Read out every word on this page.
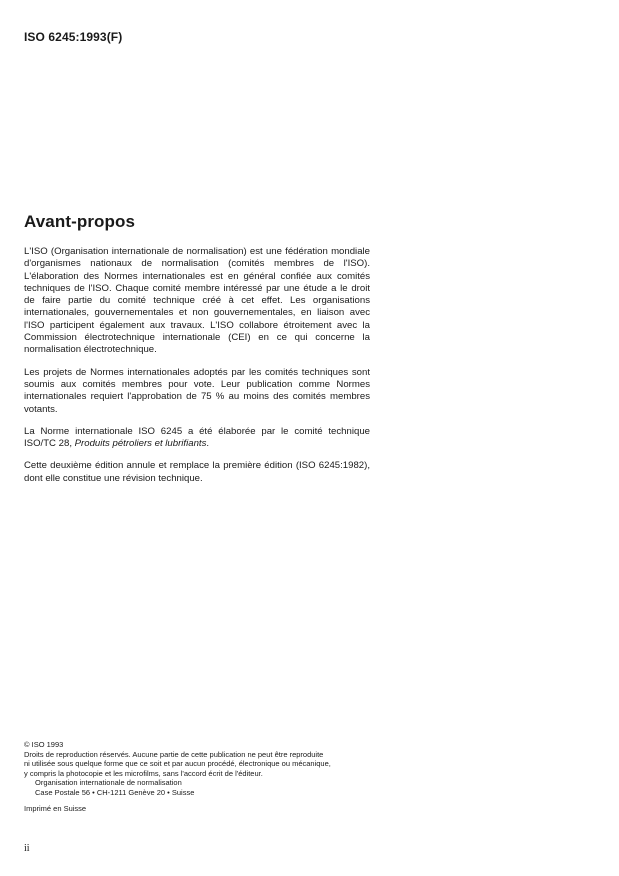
ISO 6245:1993(F)
Avant-propos

L'ISO (Organisation internationale de normalisation) est une fédération mondiale d'organismes nationaux de normalisation (comités membres de l'ISO). L'élaboration des Normes internationales est en général confiée aux comités techniques de l'ISO. Chaque comité membre intéressé par une étude a le droit de faire partie du comité technique créé à cet effet. Les organisations internationales, gouvernementales et non gouvernementales, en liaison avec l'ISO participent également aux travaux. L'ISO collabore étroitement avec la Commission électrotechnique internationale (CEI) en ce qui concerne la normalisation électrotechnique.

Les projets de Normes internationales adoptés par les comités techniques sont soumis aux comités membres pour vote. Leur publication comme Normes internationales requiert l'approbation de 75 % au moins des comités membres votants.

La Norme internationale ISO 6245 a été élaborée par le comité technique ISO/TC 28, Produits pétroliers et lubrifiants.

Cette deuxième édition annule et remplace la première édition (ISO 6245:1982), dont elle constitue une révision technique.

© ISO 1993
Droits de reproduction réservés. Aucune partie de cette publication ne peut être reproduite
ni utilisée sous quelque forme que ce soit et par aucun procédé, électronique ou mécanique,
y compris la photocopie et les microfilms, sans l'accord écrit de l'éditeur.
Organisation internationale de normalisation
Case Postale 56 • CH-1211 Genève 20 • Suisse
Imprimé en Suisse
ii
